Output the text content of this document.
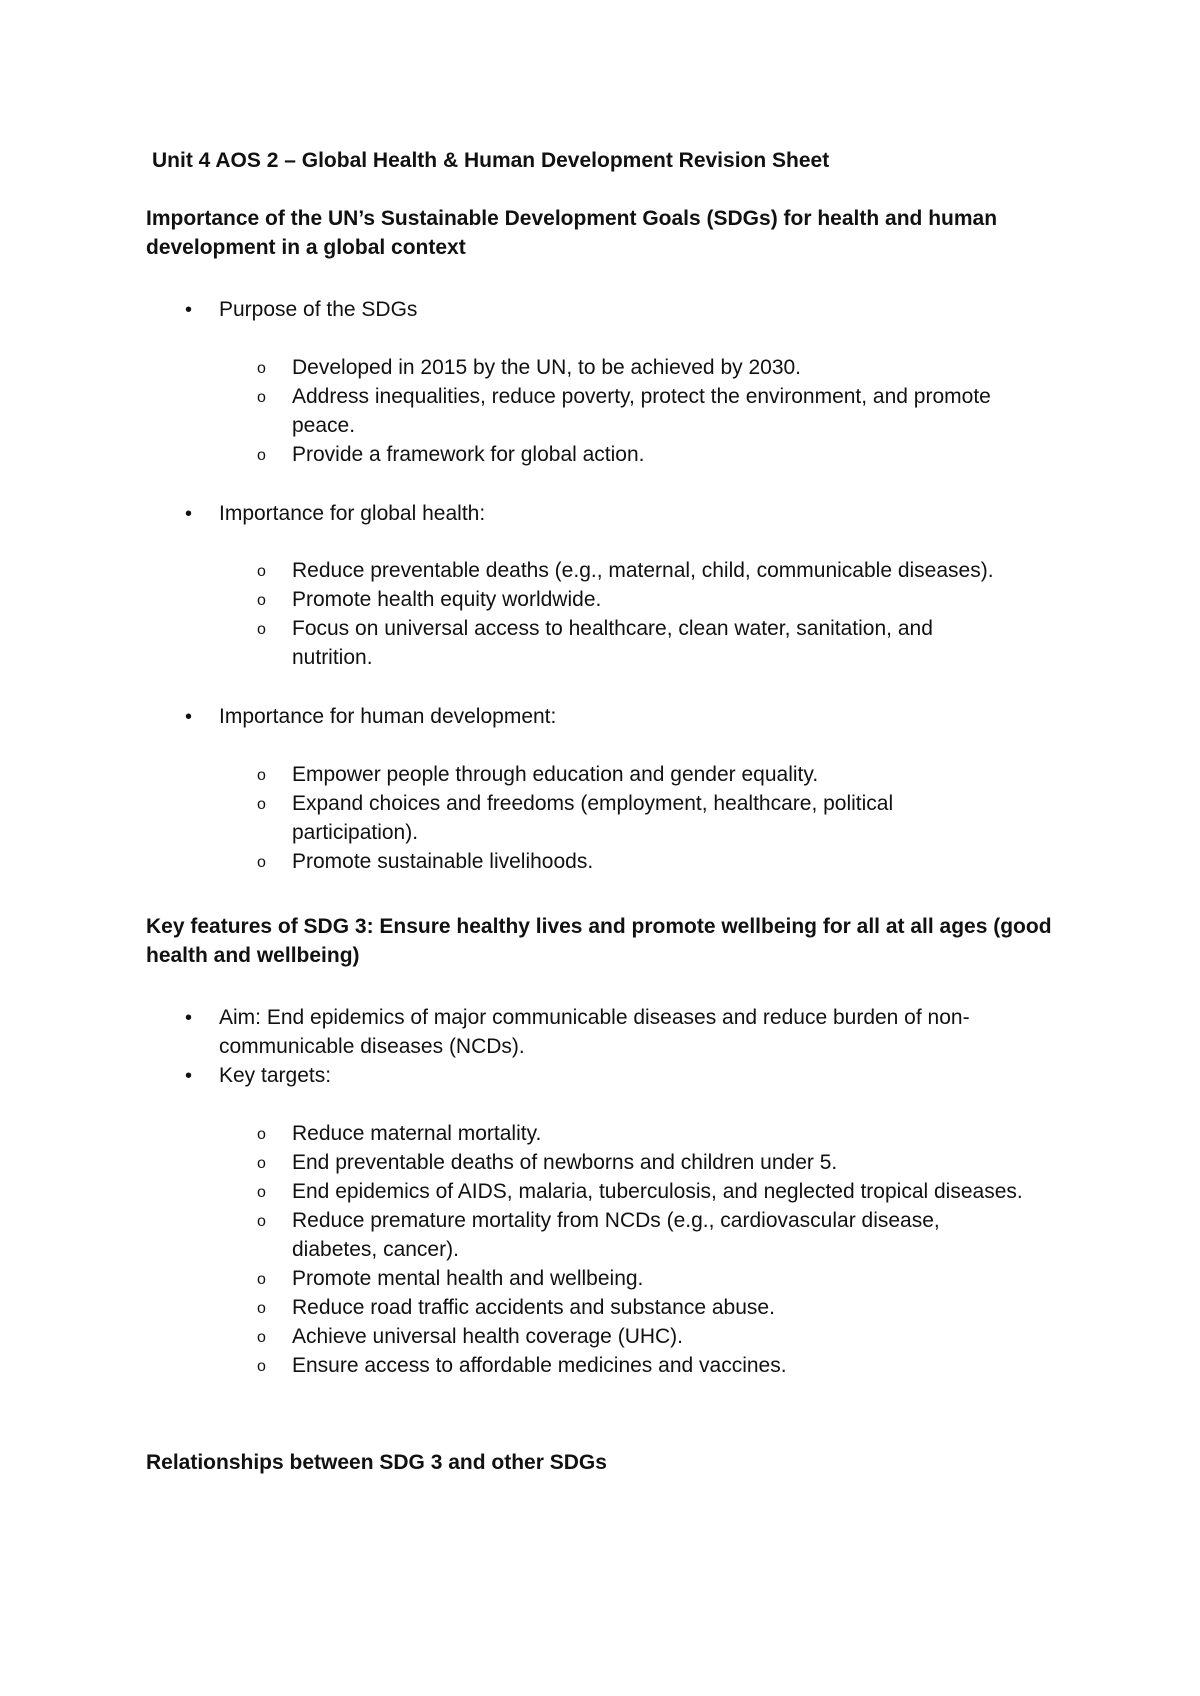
Unit 4 AOS 2 – Global Health & Human Development Revision Sheet
Importance of the UN’s Sustainable Development Goals (SDGs) for health and human
development in a global context
• Purpose of the SDGs
o Developed in 2015 by the UN, to be achieved by 2030.
o Address inequalities, reduce poverty, protect the environment, and promote
peace.
o Provide a framework for global action.
• Importance for global health:
o Reduce preventable deaths (e.g., maternal, child, communicable diseases).
o Promote health equity worldwide.
o Focus on universal access to healthcare, clean water, sanitation, and
nutrition.
• Importance for human development:
o Empower people through education and gender equality.
o Expand choices and freedoms (employment, healthcare, political
participation).
o Promote sustainable livelihoods.
Key features of SDG 3: Ensure healthy lives and promote wellbeing for all at all ages (good
health and wellbeing)
• Aim: End epidemics of major communicable diseases and reduce burden of non-
communicable diseases (NCDs).
• Key targets:
o Reduce maternal mortality.
o End preventable deaths of newborns and children under 5.
o End epidemics of AIDS, malaria, tuberculosis, and neglected tropical diseases.
o Reduce premature mortality from NCDs (e.g., cardiovascular disease,
diabetes, cancer).
o Promote mental health and wellbeing.
o Reduce road traffic accidents and substance abuse.
o Achieve universal health coverage (UHC).
o Ensure access to affordable medicines and vaccines.
Relationships between SDG 3 and other SDGs
